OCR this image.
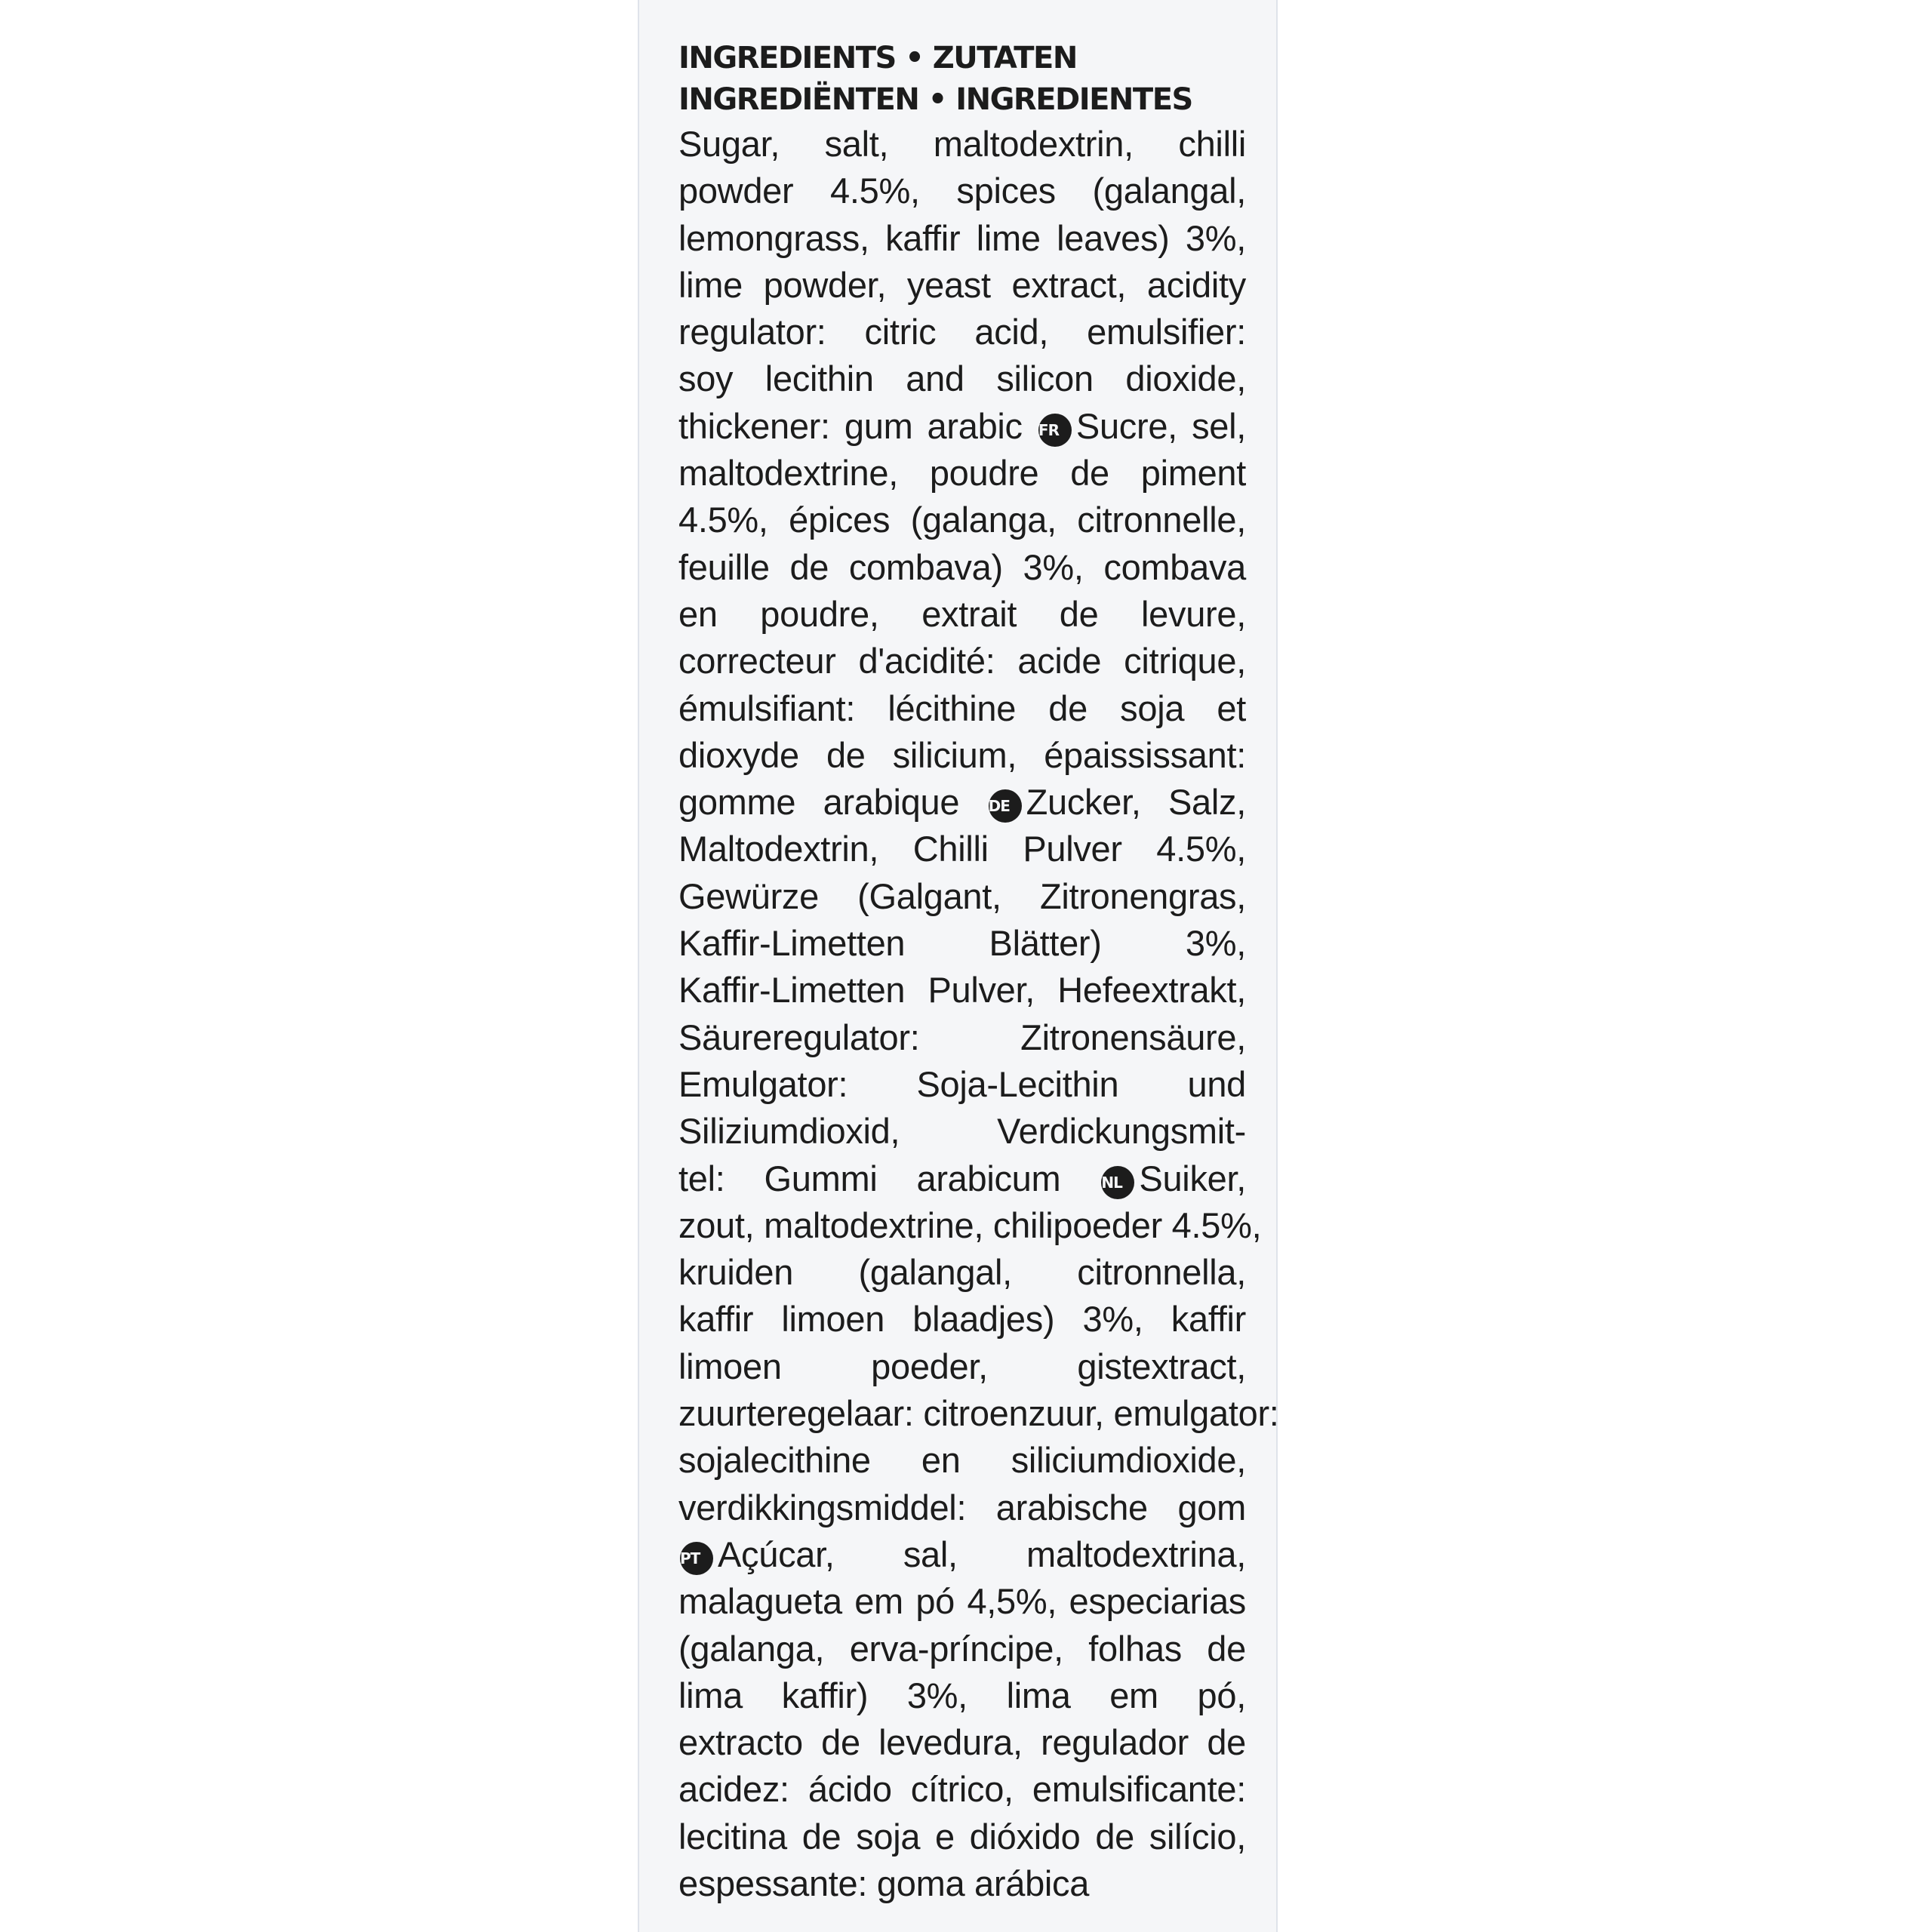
INGREDIENTS • ZUTATEN
INGREDIËNTEN • INGREDIENTES
Sugar, salt, maltodextrin, chilli
powder 4.5%, spices (galangal,
lemongrass, kaffir lime leaves) 3%,
lime powder, yeast extract, acidity
regulator: citric acid, emulsifier:
soy lecithin and silicon dioxide,
thickener: gum arabic FR Sucre, sel,
maltodextrine, poudre de piment
4.5%, épices (galanga, citronnelle,
feuille de combava) 3%, combava
en poudre, extrait de levure,
correcteur d'acidité: acide citrique,
émulsifiant: lécithine de soja et
dioxyde de silicium, épaississant:
gomme arabique DE Zucker, Salz,
Maltodextrin, Chilli Pulver 4.5%,
Gewürze (Galgant, Zitronengras,
Kaffir-Limetten Blätter) 3%,
Kaffir-Limetten Pulver, Hefeextrakt,
Säureregulator: Zitronensäure,
Emulgator: Soja-Lecithin und
Siliziumdioxid, Verdickungsmit-
tel: Gummi arabicum	NL Suiker,
zout, maltodextrine, chilipoeder 4.5%,
kruiden (galangal, citronnella,
kaffir limoen blaadjes) 3%, kaffir
limoen poeder, gistextract,
zuurteregelaar: citroenzuur, emulgator:
sojalecithine en siliciumdioxide,
verdikkingsmiddel: arabische gom
PT Açúcar, sal, maltodextrina,
malagueta em pó 4,5%, especiarias
(galanga, erva-príncipe, folhas de
lima kaffir) 3%, lima em pó,
extracto de levedura, regulador de
acidez: ácido cítrico, emulsificante:
lecitina de soja e dióxido de silício,
espessante: goma arábica
